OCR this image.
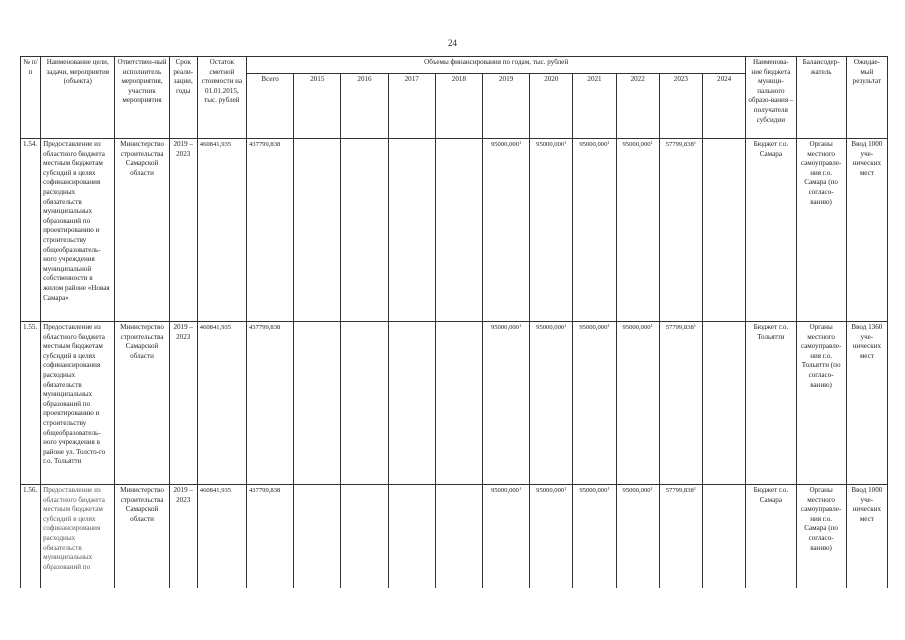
24
№ п/п	Наименование цели, задачи, мероприятия (объекта)	Ответствен-ный исполнитель мероприятия, участник мероприятия	Срок реали-зации, годы	Остаток сметной стоимости на 01.01.2015, тыс. рублей	Объемы финансирования по годам, тыс. рублей											Наименова-ние бюджета муници-пального образо-вания – получателя субсидии	Балансодер-жатель	Ожидае-мый результат
					Всего	2015	2016	2017	2018	2019	2020	2021	2022	2023	2024			
1.54.	Предоставление из областного бюджета местным бюджетам субсидий в целях софинансирования расходных обязательств муниципальных образований по проектированию и строительству общеобразователь-ного учреждения муниципальной собственности в жилом районе «Новая Самара»	Министерство строительства Самарской области	2019 – 2023	460841,935	437799,838					95000,000$^1$	95000,000$^1$	95000,000$^1$	95000,000$^1$	57799,838$^1$		Бюджет г.о. Самара	Органы местного самоуправле-ния г.о. Самара (по согласо-ванию)	Ввод 1000 уче-нических мест
1.55.	Предоставление из областного бюджета местным бюджетам субсидий в целях софинансирования расходных обязательств муниципальных образований по проектированию и строительству общеобразователь-ного учреждения в районе ул. Толсто-го г.о. Тольятти	Министерство строительства Самарской области	2019 – 2023	460841,935	437799,838					95000,000$^1$	95000,000$^1$	95000,000$^1$	95000,000$^1$	57799,838$^1$		Бюджет г.о. Тольятти	Органы местного самоуправле-ния г.о. Тольятти (по согласо-ванию)	Ввод 1360 уче-нических мест
1.56.	Предоставление из областного бюджета местным бюджетам субсидий в целях софинансирования расходных обязательств муниципальных образований по	Министерство строительства Самарской области	2019 – 2023	460841,935	437799,838					95000,000$^1$	95000,000$^1$	95000,000$^1$	95000,000$^1$	57799,838$^1$		Бюджет г.о. Самара	Органы местного самоуправле-ния г.о. Самара (по согласо-ванию)	Ввод 1000 уче-нических мест
